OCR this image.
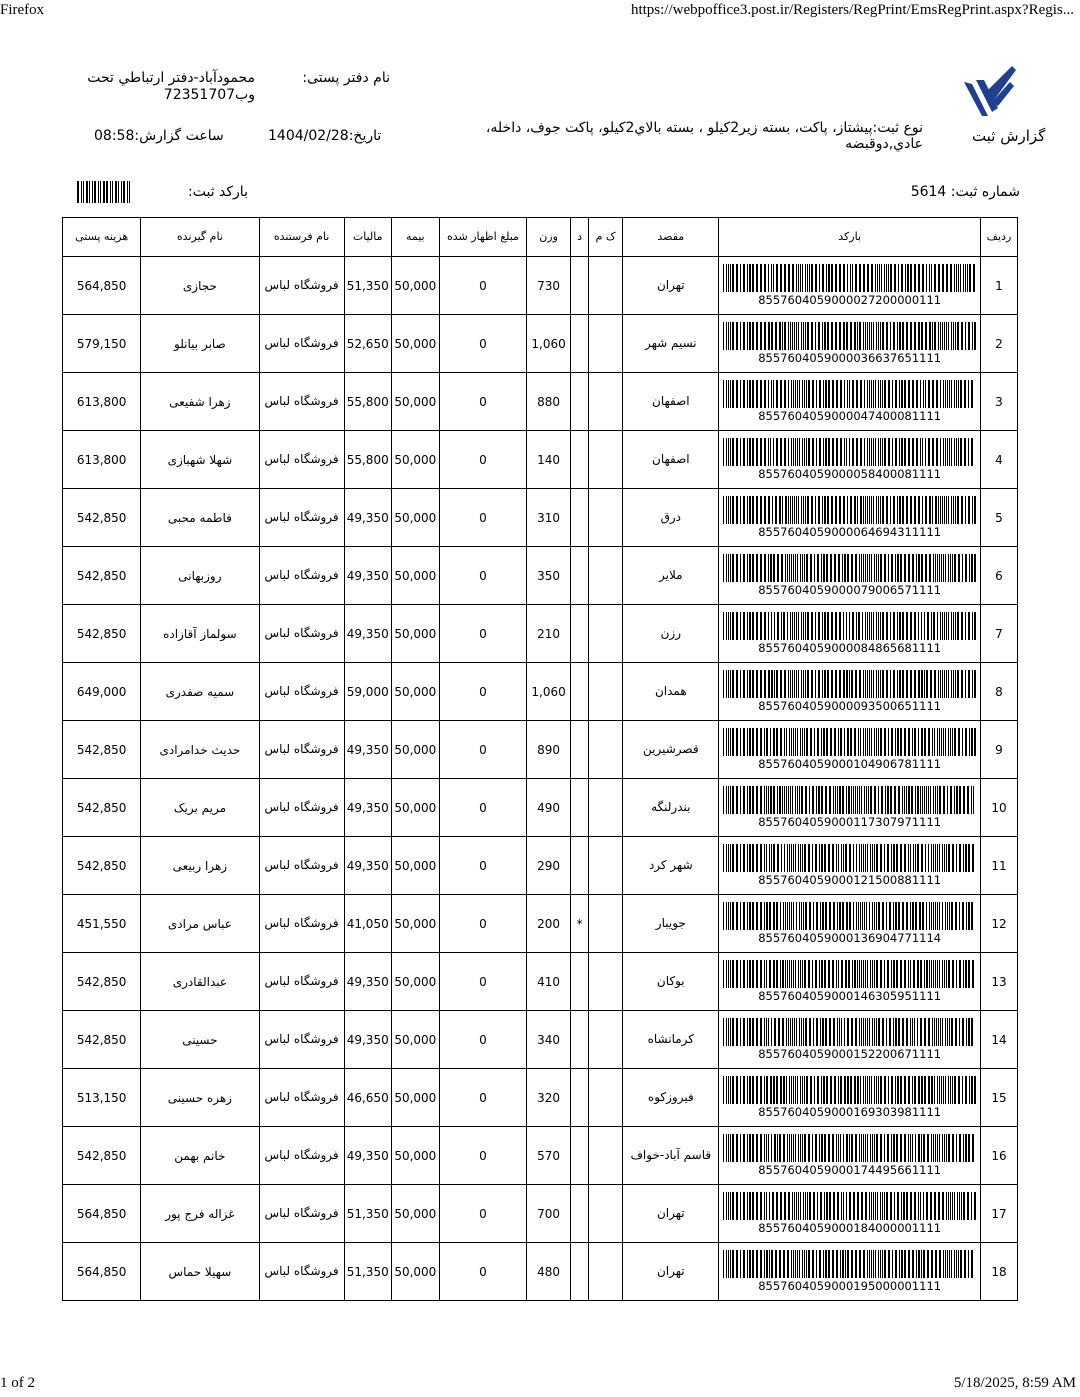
Firefox	https://webpoffice3.post.ir/Registers/RegPrint/EmsRegPrint.aspx?Regis...
گزارش ثبت
نوع ثبت:پیشتاز، پاکت، بسته زیر2کیلو ، بسته بالاي2کیلو، پاکت جوف، داخله، عادي,دوقبضه
نام دفتر پستی:
محمودآباد-دفتر ارتباطي تحت وب72351707
تاریخ:1404/02/28
ساعت گزارش:08:58
شماره ثبت: 5614
بارکد ثبت:
رديف	بارکد	مقصد	ک م	د	وزن	مبلغ اظهار شده	بیمه	مالیات	نام فرستنده	نام گیرنده	هزینه پستی
1	8557604059000027200000111	تهران			730	0	50,000	51,350	فروشگاه لباس	حجازی	564,850
2	8557604059000036637651111	نسیم شهر			1,060	0	50,000	52,650	فروشگاه لباس	صابر بیانلو	579,150
3	8557604059000047400081111	اصفهان			880	0	50,000	55,800	فروشگاه لباس	زهرا شفیعی	613,800
4	8557604059000058400081111	اصفهان			140	0	50,000	55,800	فروشگاه لباس	شهلا شهبازی	613,800
5	8557604059000064694311111	درق			310	0	50,000	49,350	فروشگاه لباس	فاطمه محبی	542,850
6	8557604059000079006571111	ملایر			350	0	50,000	49,350	فروشگاه لباس	روزبهانی	542,850
7	8557604059000084865681111	رزن			210	0	50,000	49,350	فروشگاه لباس	سولماز آقازاده	542,850
8	8557604059000093500651111	همدان			1,060	0	50,000	59,000	فروشگاه لباس	سمیه صفدری	649,000
9	8557604059000104906781111	قصرشیرین			890	0	50,000	49,350	فروشگاه لباس	حدیث خدامرادی	542,850
10	8557604059000117307971111	بندرلنگه			490	0	50,000	49,350	فروشگاه لباس	مریم بریک	542,850
11	8557604059000121500881111	شهر کرد			290	0	50,000	49,350	فروشگاه لباس	زهرا ربیعی	542,850
12	8557604059000136904771114	جویبار		*	200	0	50,000	41,050	فروشگاه لباس	عباس مرادی	451,550
13	8557604059000146305951111	بوکان			410	0	50,000	49,350	فروشگاه لباس	عبدالقادری	542,850
14	8557604059000152200671111	کرمانشاه			340	0	50,000	49,350	فروشگاه لباس	حسینی	542,850
15	8557604059000169303981111	فیروزکوه			320	0	50,000	46,650	فروشگاه لباس	زهره حسینی	513,150
16	8557604059000174495661111	قاسم آباد-خواف			570	0	50,000	49,350	فروشگاه لباس	خانم بهمن	542,850
17	8557604059000184000001111	تهران			700	0	50,000	51,350	فروشگاه لباس	غزاله فرج پور	564,850
18	8557604059000195000001111	تهران			480	0	50,000	51,350	فروشگاه لباس	سهیلا حماس	564,850
1 of 2	5/18/2025, 8:59 AM
